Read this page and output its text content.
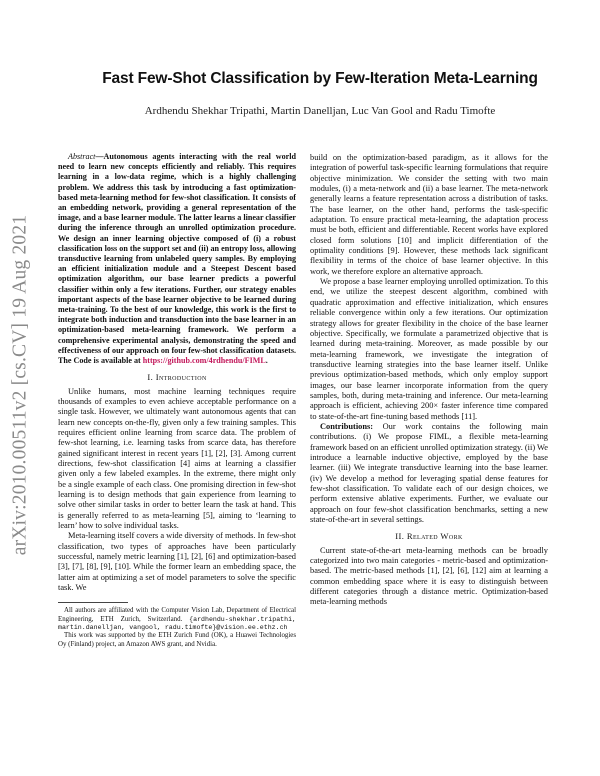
arXiv:2010.00511v2 [cs.CV] 19 Aug 2021
Fast Few-Shot Classification by Few-Iteration Meta-Learning
Ardhendu Shekhar Tripathi, Martin Danelljan, Luc Van Gool and Radu Timofte

Abstract—Autonomous agents interacting with the real world need to learn new concepts efficiently and reliably. This requires learning in a low-data regime, which is a highly challenging problem. We address this task by introducing a fast optimization-based meta-learning method for few-shot classification. It consists of an embedding network, providing a general representation of the image, and a base learner module. The latter learns a linear classifier during the inference through an unrolled optimization procedure. We design an inner learning objective composed of (i) a robust classification loss on the support set and (ii) an entropy loss, allowing transductive learning from unlabeled query samples. By employing an efficient initialization module and a Steepest Descent based optimization algorithm, our base learner predicts a powerful classifier within only a few iterations. Further, our strategy enables important aspects of the base learner objective to be learned during meta-training. To the best of our knowledge, this work is the first to integrate both induction and transduction into the base learner in an optimization-based meta-learning framework. We perform a comprehensive experimental analysis, demonstrating the speed and effectiveness of our approach on four few-shot classification datasets. The Code is available at https://github.com/4rdhendu/FIML.

I. Introduction

Unlike humans, most machine learning techniques require thousands of examples to even achieve acceptable performance on a single task. However, we ultimately want autonomous agents that can learn new concepts on-the-fly, given only a few training samples. This requires efficient online learning from scarce data. The problem of few-shot learning, i.e. learning tasks from scarce data, has therefore gained significant interest in recent years [1], [2], [3]. Among current directions, few-shot classification [4] aims at learning a classifier given only a few labeled examples. In the extreme, there might only be a single example of each class. One promising direction in few-shot learning is to design methods that gain experience from learning to solve other similar tasks in order to better learn the task at hand. This is generally referred to as meta-learning [5], aiming to ‘learning to learn’ how to solve individual tasks.

Meta-learning itself covers a wide diversity of methods. In few-shot classification, two types of approaches have been particularly successful, namely metric learning [1], [2], [6] and optimization-based [3], [7], [8], [9], [10]. While the former learn an embedding space, the latter aim at optimizing a set of model parameters to solve the specific task. We

All authors are affiliated with the Computer Vision Lab, Department of Electrical Engineering, ETH Zurich, Switzerland. {ardhendu-shekhar.tripathi, martin.danelljan, vangool, radu.timofte}@vision.ee.ethz.ch

This work was supported by the ETH Zurich Fund (OK), a Huawei Technologies Oy (Finland) project, an Amazon AWS grant, and Nvidia.

build on the optimization-based paradigm, as it allows for the integration of powerful task-specific learning formulations that require objective minimization. We consider the setting with two main modules, (i) a meta-network and (ii) a base learner. The meta-network generally learns a feature representation across a distribution of tasks. The base learner, on the other hand, performs the task-specific adaptation. To ensure practical meta-learning, the adaptation process must be both, efficient and differentiable. Recent works have explored closed form solutions [10] and implicit differentiation of the optimality conditions [9]. However, these methods lack significant flexibility in terms of the choice of base learner objective. In this work, we therefore explore an alternative approach.

We propose a base learner employing unrolled optimization. To this end, we utilize the steepest descent algorithm, combined with quadratic approximation and effective initialization, which ensures reliable convergence within only a few iterations. Our optimization strategy allows for greater flexibility in the choice of the base learner objective. Specifically, we formulate a parametrized objective that is learned during meta-training. Moreover, as made possible by our meta-learning framework, we investigate the integration of transductive learning strategies into the base learner itself. Unlike previous optimization-based methods, which only employ support images, our base learner incorporate information from the query samples, both, during meta-training and inference. Our meta-learning approach is efficient, achieving 200× faster inference time compared to state-of-the-art fine-tuning based methods [11].

Contributions: Our work contains the following main contributions. (i) We propose FIML, a flexible meta-learning framework based on an efficient unrolled optimization strategy. (ii) We introduce a learnable inductive objective, employed by the base learner. (iii) We integrate transductive learning into the base learner. (iv) We develop a method for leveraging spatial dense features for few-shot classification. To validate each of our design choices, we perform extensive ablative experiments. Further, we evaluate our approach on four few-shot classification benchmarks, setting a new state-of-the-art in several settings.

II. Related Work

Current state-of-the-art meta-learning methods can be broadly categorized into two main categories - metric-based and optimization-based. The metric-based methods [1], [2], [6], [12] aim at learning a common embedding space where it is easy to distinguish between different categories through a distance metric. Optimization-based meta-learning methods
